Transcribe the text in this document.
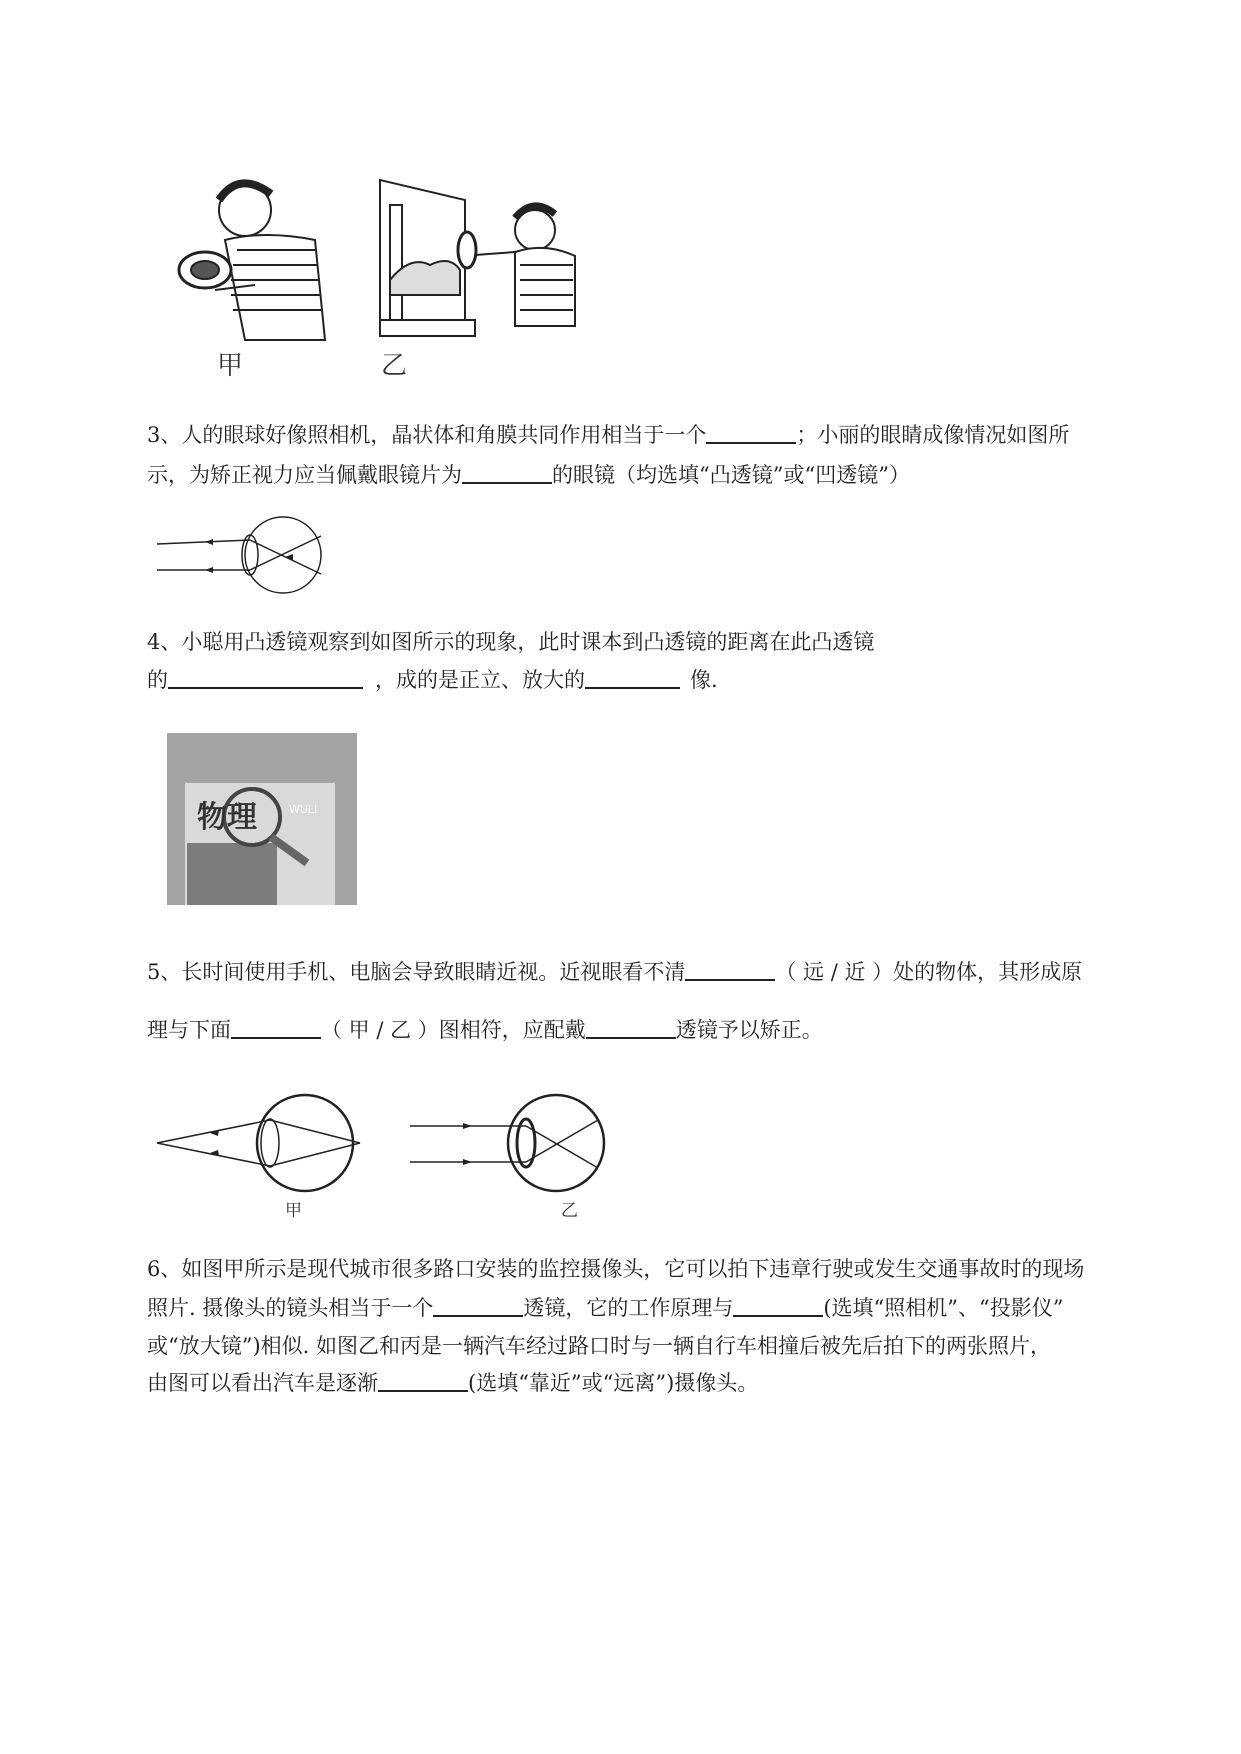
甲	乙
3、人的眼球好像照相机，晶状体和角膜共同作用相当于一个	；小丽的眼睛成像情况如图所
示，为矫正视力应当佩戴眼镜片为	的眼镜（均选填“凸透镜”或“凹透镜”）
4、小聪用凸透镜观察到如图所示的现象，此时课本到凸透镜的距离在此凸透镜
的	，成的是正立、放大的	像.
物理	WULI
5、长时间使用手机、电脑会导致眼睛近视。近视眼看不清	（ 远 / 近 ）处的物体，其形成原
理与下面	（ 甲 / 乙 ）图相符，应配戴	透镜予以矫正。
甲	乙
6、如图甲所示是现代城市很多路口安装的监控摄像头，它可以拍下违章行驶或发生交通事故时的现场
照片. 摄像头的镜头相当于一个	透镜，它的工作原理与	(选填“照相机”、“投影仪”
或“放大镜”)相似. 如图乙和丙是一辆汽车经过路口时与一辆自行车相撞后被先后拍下的两张照片，
由图可以看出汽车是逐渐	(选填“靠近”或“远离”)摄像头。
